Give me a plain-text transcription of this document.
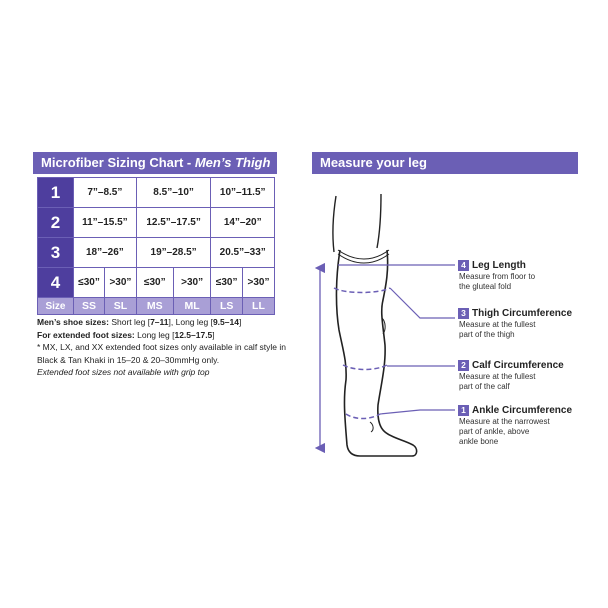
Microfiber Sizing Chart - Men’s Thigh
1	7”–8.5”		8.5”–10”		10”–11.5”	
2	11”–15.5”		12.5”–17.5”		14”–20”	
3	18”–26”		19”–28.5”		20.5”–33”	
4	≤30”	>30”	≤30”	>30”	≤30”	>30”
Size	SS	SL	MS	ML	LS	LL

Men’s shoe sizes: Short leg [7–11], Long leg [9.5–14]

For extended foot sizes: Long leg [12.5–17.5]

* MX, LX, and XX extended foot sizes only available in calf style in Black & Tan Khaki in 15–20 & 20–30mmHg only.

Extended foot sizes not available with grip top

Measure your leg
4 Leg Length
Measure from floor to
the gluteal fold
3 Thigh Circumference
Measure at the fullest
part of the thigh
2 Calf Circumference
Measure at the fullest
part of the calf
1 Ankle Circumference
Measure at the narrowest
part of ankle, above
ankle bone
